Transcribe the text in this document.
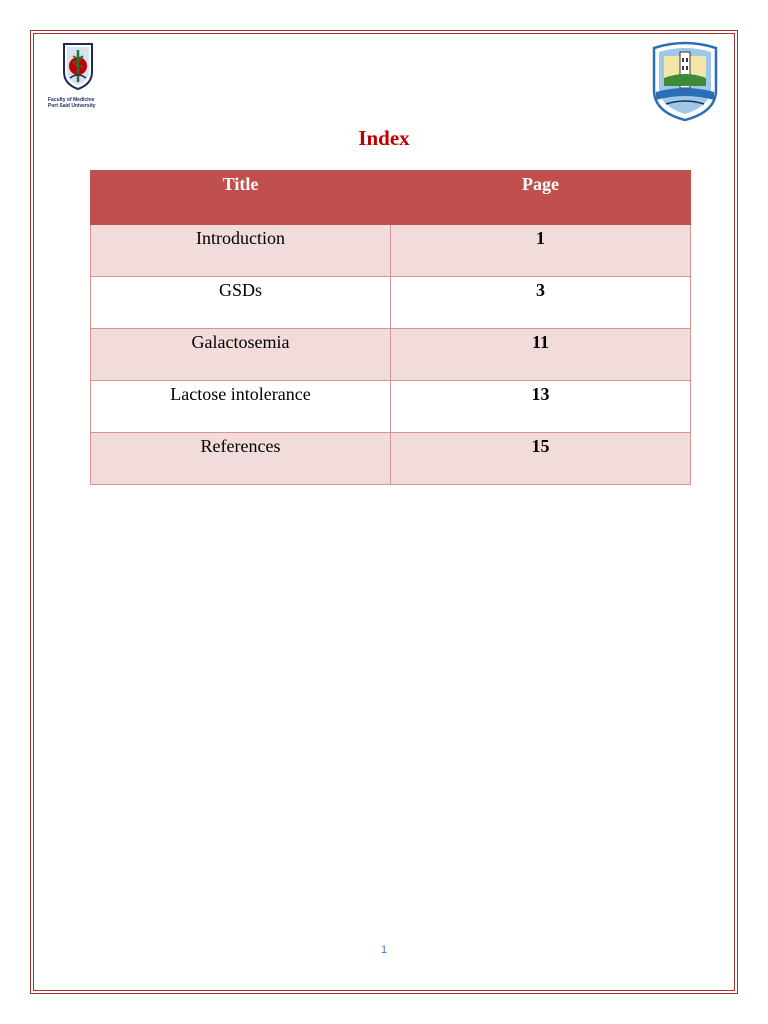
Faculty of Medicine
Port Said University
Index
Title	Page
Introduction	1
GSDs	3
Galactosemia	11
Lactose intolerance	13
References	15
1
